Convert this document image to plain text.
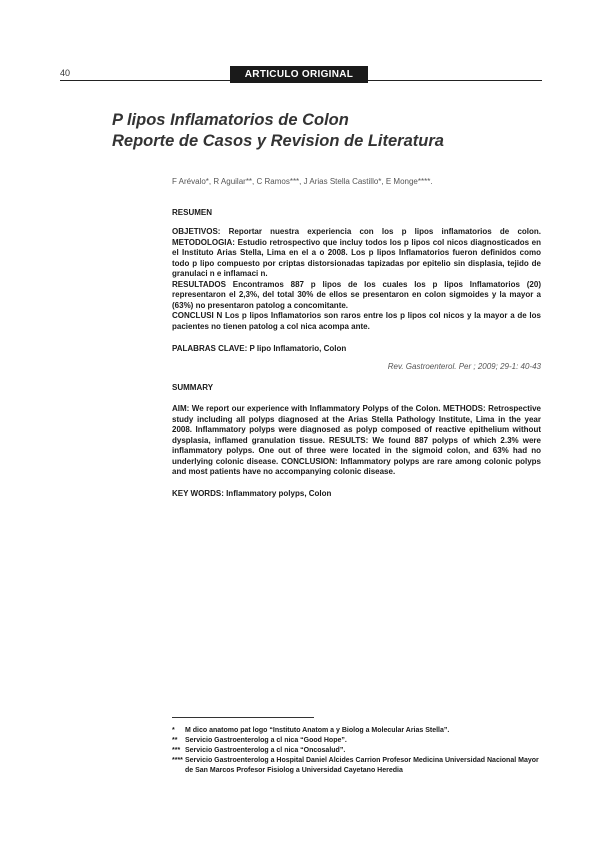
40	ARTICULO ORIGINAL
P lipos Inflamatorios de Colon
Reporte de Casos y Revision de Literatura
F Arévalo*, R Aguilar**, C Ramos***, J Arias Stella Castillo*, E Monge****.
RESUMEN

OBJETIVOS: Reportar nuestra experiencia con los p lipos inflamatorios de colon. METODOLOGIA: Estudio retrospectivo que incluy todos los p lipos col nicos diagnosticados en el Instituto Arias Stella, Lima en el a o 2008. Los p lipos Inflamatorios fueron definidos como todo p lipo compuesto por criptas distorsionadas tapizadas por epitelio sin displasia, tejido de granulaci n e inflamaci n.

RESULTADOS Encontramos 887 p lipos de los cuales los p lipos Inflamatorios (20) representaron el 2,3%, del total 30% de ellos se presentaron en colon sigmoides y la mayor a (63%) no presentaron patolog a concomitante.

CONCLUSI N Los p lipos Inflamatorios son raros entre los p lipos col nicos y la mayor a de los pacientes no tienen patolog a col nica acompa ante.

PALABRAS CLAVE: P lipo Inflamatorio, Colon
Rev. Gastroenterol. Per ; 2009; 29-1: 40-43
SUMMARY

AIM: We report our experience with Inflammatory Polyps of the Colon. METHODS: Retrospective study including all polyps diagnosed at the Arias Stella Pathology Institute, Lima in the year 2008. Inflammatory polyps were diagnosed as polyp composed of reactive epithelium without dysplasia, inflamed granulation tissue. RESULTS: We found 887 polyps of which 2.3% were inflammatory polyps. One out of three were located in the sigmoid colon, and 63% had no underlying colonic disease. CONCLUSION: Inflammatory polyps are rare among colonic polyps and most patients have no accompanying colonic disease.

KEY WORDS: Inflammatory polyps, Colon
*	M dico anatomo pat logo “Instituto Anatom a y Biolog a Molecular Arias Stella”.
**	Servicio Gastroenterolog a cl nica “Good Hope”.
*** Servicio Gastroenterolog a cl nica “Oncosalud”.
**** Servicio Gastroenterolog a Hospital Daniel Alcides Carrion Profesor Medicina Universidad Nacional Mayor de San Marcos Profesor Fisiolog a Universidad Cayetano Heredia
